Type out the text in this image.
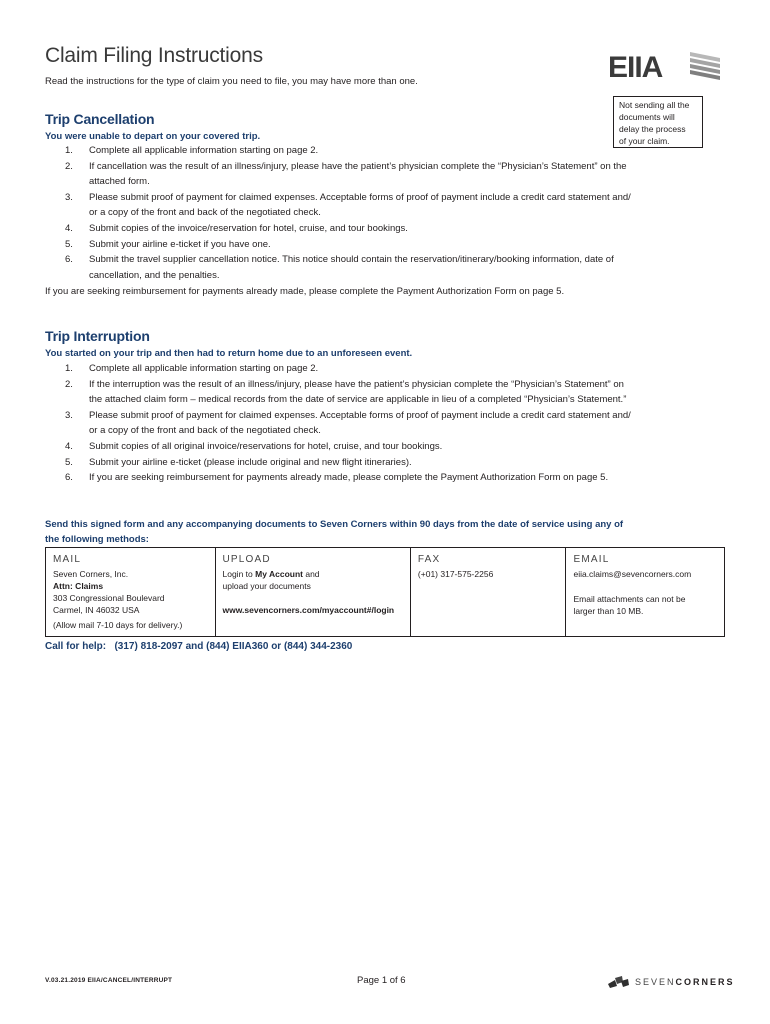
Claim Filing Instructions
Read the instructions for the type of claim you need to file, you may have more than one.	EIIA
Not sending all the
documents will
delay the process
of your claim.
Trip Cancellation
You were unable to depart on your covered trip.
1. Complete all applicable information starting on page 2.
2. If cancellation was the result of an illness/injury, please have the patient’s physician complete the “Physician’s Statement” on the
attached form.
3. Please submit proof of payment for claimed expenses. Acceptable forms of proof of payment include a credit card statement and/
or a copy of the front and back of the negotiated check.
4. Submit copies of the invoice/reservation for hotel, cruise, and tour bookings.
5. Submit your airline e-ticket if you have one.
6. Submit the travel supplier cancellation notice. This notice should contain the reservation/itinerary/booking information, date of
cancellation, and the penalties.
If you are seeking reimbursement for payments already made, please complete the Payment Authorization Form on page 5.
Trip Interruption
You started on your trip and then had to return home due to an unforeseen event.
1. Complete all applicable information starting on page 2.
2. If the interruption was the result of an illness/injury, please have the patient’s physician complete the “Physician’s Statement” on
the attached claim form – medical records from the date of service are applicable in lieu of a completed “Physician’s Statement.”
3. Please submit proof of payment for claimed expenses. Acceptable forms of proof of payment include a credit card statement and/
or a copy of the front and back of the negotiated check.
4. Submit copies of all original invoice/reservations for hotel, cruise, and tour bookings.
5. Submit your airline e-ticket (please include original and new flight itineraries).
6. If you are seeking reimbursement for payments already made, please complete the Payment Authorization Form on page 5.
Send this signed form and any accompanying documents to Seven Corners within 90 days from the date of service using any of
the following methods:
MAIL
Seven Corners, Inc.
Attn: Claims
303 Congressional Boulevard
Carmel, IN 46032 USA
(Allow mail 7-10 days for delivery.)
UPLOAD
Login to My Account and
upload your documents
www.sevencorners.com/myaccount#/login
FAX
(+01) 317-575-2256
EMAIL
eiia.claims@sevencorners.com
Email attachments can not be
larger than 10 MB.
Call for help:   (317) 818-2097 and (844) EIIA360 or (844) 344-2360
V.03.21.2019 EIIA/CANCEL/INTERRUPT	Page 1 of 6	SEVENCORNERS
